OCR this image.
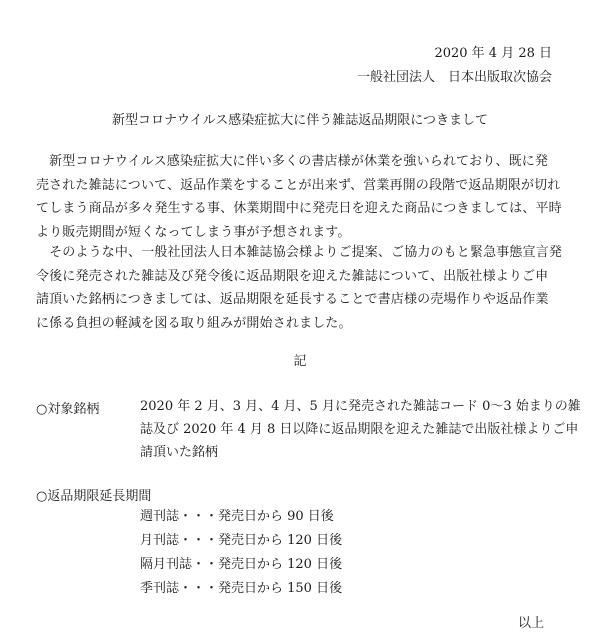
2020 年 4 月 28 日
一般社団法人　日本出版取次協会
新型コロナウイルス感染症拡大に伴う雑誌返品期限につきまして
　新型コロナウイルス感染症拡大に伴い多くの書店様が休業を強いられており、既に発
売された雑誌について、返品作業をすることが出来ず、営業再開の段階で返品期限が切れ
てしまう商品が多々発生する事、休業期間中に発売日を迎えた商品につきましては、平時
より販売期間が短くなってしまう事が予想されます。
　そのような中、一般社団法人日本雑誌協会様よりご提案、ご協力のもと緊急事態宣言発
令後に発売された雑誌及び発令後に返品期限を迎えた雑誌について、出版社様よりご申
請頂いた銘柄につきましては、返品期限を延長することで書店様の売場作りや返品作業
に係る負担の軽減を図る取り組みが開始されました。
記
○対象銘柄	2020 年 2 月、3 月、4 月、5 月に発売された雑誌コード 0〜3 始まりの雑
誌及び 2020 年 4 月 8 日以降に返品期限を迎えた雑誌で出版社様よりご申
請頂いた銘柄
○返品期限延長期間
週刊誌・・・発売日から 90 日後
月刊誌・・・発売日から 120 日後
隔月刊誌・・発売日から 120 日後
季刊誌・・・発売日から 150 日後
以上
